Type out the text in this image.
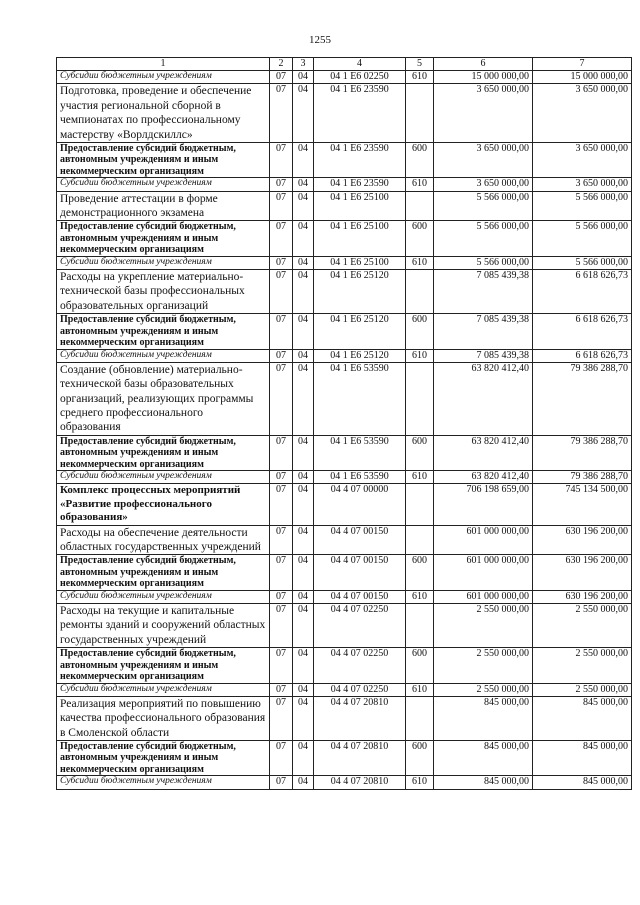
1255
1	2	3	4	5	6	7
Субсидии бюджетным учреждениям	07	04	04 1 Е6 02250	610	15 000 000,00	15 000 000,00
Подготовка, проведение и обеспечение участия региональной сборной в чемпионатах по профессиональному мастерству «Ворлдскиллс»	07	04	04 1 Е6 23590		3 650 000,00	3 650 000,00
Предоставление субсидий бюджетным, автономным учреждениям и иным некоммерческим организациям	07	04	04 1 Е6 23590	600	3 650 000,00	3 650 000,00
Субсидии бюджетным учреждениям	07	04	04 1 Е6 23590	610	3 650 000,00	3 650 000,00
Проведение аттестации в форме демонстрационного экзамена	07	04	04 1 Е6 25100		5 566 000,00	5 566 000,00
Предоставление субсидий бюджетным, автономным учреждениям и иным некоммерческим организациям	07	04	04 1 Е6 25100	600	5 566 000,00	5 566 000,00
Субсидии бюджетным учреждениям	07	04	04 1 Е6 25100	610	5 566 000,00	5 566 000,00
Расходы на укрепление материально-технической базы профессиональных образовательных организаций	07	04	04 1 Е6 25120		7 085 439,38	6 618 626,73
Предоставление субсидий бюджетным, автономным учреждениям и иным некоммерческим организациям	07	04	04 1 Е6 25120	600	7 085 439,38	6 618 626,73
Субсидии бюджетным учреждениям	07	04	04 1 Е6 25120	610	7 085 439,38	6 618 626,73
Создание (обновление) материально-технической базы образовательных организаций, реализующих программы среднего профессионального образования	07	04	04 1 Е6 53590		63 820 412,40	79 386 288,70
Предоставление субсидий бюджетным, автономным учреждениям и иным некоммерческим организациям	07	04	04 1 Е6 53590	600	63 820 412,40	79 386 288,70
Субсидии бюджетным учреждениям	07	04	04 1 Е6 53590	610	63 820 412,40	79 386 288,70
Комплекс процессных мероприятий «Развитие профессионального образования»	07	04	04 4 07 00000		706 198 659,00	745 134 500,00
Расходы на обеспечение деятельности областных государственных учреждений	07	04	04 4 07 00150		601 000 000,00	630 196 200,00
Предоставление субсидий бюджетным, автономным учреждениям и иным некоммерческим организациям	07	04	04 4 07 00150	600	601 000 000,00	630 196 200,00
Субсидии бюджетным учреждениям	07	04	04 4 07 00150	610	601 000 000,00	630 196 200,00
Расходы на текущие и капитальные ремонты зданий и сооружений областных государственных учреждений	07	04	04 4 07 02250		2 550 000,00	2 550 000,00
Предоставление субсидий бюджетным, автономным учреждениям и иным некоммерческим организациям	07	04	04 4 07 02250	600	2 550 000,00	2 550 000,00
Субсидии бюджетным учреждениям	07	04	04 4 07 02250	610	2 550 000,00	2 550 000,00
Реализация мероприятий по повышению качества профессионального образования в Смоленской области	07	04	04 4 07 20810		845 000,00	845 000,00
Предоставление субсидий бюджетным, автономным учреждениям и иным некоммерческим организациям	07	04	04 4 07 20810	600	845 000,00	845 000,00
Субсидии бюджетным учреждениям	07	04	04 4 07 20810	610	845 000,00	845 000,00
